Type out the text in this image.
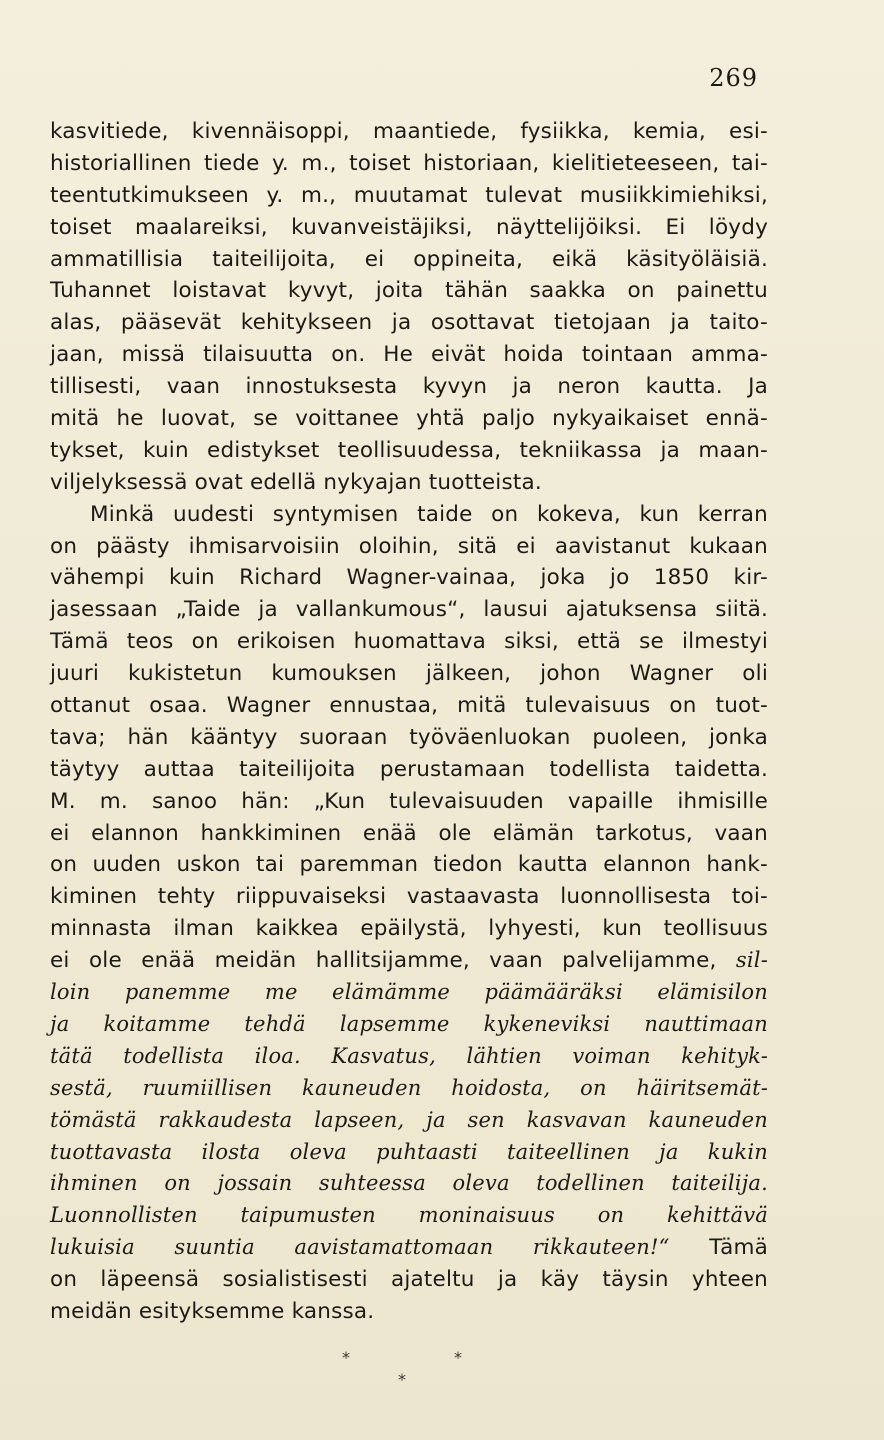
269
kasvitiede, kivennäisoppi, maantiede, fysiikka, kemia, esi-
historiallinen tiede y. m., toiset historiaan, kielitieteeseen, tai-
teentutkimukseen y. m., muutamat tulevat musiikkimiehiksi,
toiset maalareiksi, kuvanveistäjiksi, näyttelijöiksi. Ei löydy
ammatillisia taiteilijoita, ei oppineita, eikä käsityöläisiä.
Tuhannet loistavat kyvyt, joita tähän saakka on painettu
alas, pääsevät kehitykseen ja osottavat tietojaan ja taito-
jaan, missä tilaisuutta on. He eivät hoida tointaan amma-
tillisesti, vaan innostuksesta kyvyn ja neron kautta. Ja
mitä he luovat, se voittanee yhtä paljo nykyaikaiset ennä-
tykset, kuin edistykset teollisuudessa, tekniikassa ja maan-
viljelyksessä ovat edellä nykyajan tuotteista.
Minkä uudesti syntymisen taide on kokeva, kun kerran
on päästy ihmisarvoisiin oloihin, sitä ei aavistanut kukaan
vähempi kuin Richard Wagner-vainaa, joka jo 1850 kir-
jasessaan „Taide ja vallankumous“, lausui ajatuksensa siitä.
Tämä teos on erikoisen huomattava siksi, että se ilmestyi
juuri kukistetun kumouksen jälkeen, johon Wagner oli
ottanut osaa. Wagner ennustaa, mitä tulevaisuus on tuot-
tava; hän kääntyy suoraan työväenluokan puoleen, jonka
täytyy auttaa taiteilijoita perustamaan todellista taidetta.
M. m. sanoo hän: „Kun tulevaisuuden vapaille ihmisille
ei elannon hankkiminen enää ole elämän tarkotus, vaan
on uuden uskon tai paremman tiedon kautta elannon hank-
kiminen tehty riippuvaiseksi vastaavasta luonnollisesta toi-
minnasta ilman kaikkea epäilystä, lyhyesti, kun teollisuus
ei ole enää meidän hallitsijamme, vaan palvelijamme, sil-
loin panemme me elämämme päämääräksi elämisilon
ja koitamme tehdä lapsemme kykeneviksi nauttimaan
tätä todellista iloa. Kasvatus, lähtien voiman kehityk-
sestä, ruumiillisen kauneuden hoidosta, on häiritsemät-
tömästä rakkaudesta lapseen, ja sen kasvavan kauneuden
tuottavasta ilosta oleva puhtaasti taiteellinen ja kukin
ihminen on jossain suhteessa oleva todellinen taiteilija.
Luonnollisten taipumusten moninaisuus on kehittävä
lukuisia suuntia aavistamattomaan rikkauteen!“ Tämä
on läpeensä sosialistisesti ajateltu ja käy täysin yhteen
meidän esityksemme kanssa.
*	*
*
